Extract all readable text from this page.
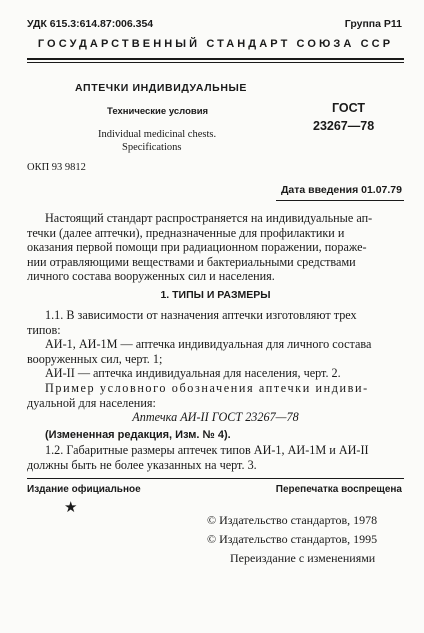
УДК 615.3:614.87:006.354	Группа Р11
ГОСУДАРСТВЕННЫЙ СТАНДАРТ СОЮЗА ССР
АПТЕЧКИ ИНДИВИДУАЛЬНЫЕ
Технические условия
Individual medicinal chests.
Specifications
ГОСТ
23267—78
ОКП 93 9812
Дата введения 01.07.79
Настоящий стандарт распространяется на индивидуальные ап-
течки (далее аптечки), предназначенные для профилактики и
оказания первой помощи при радиационном поражении, пораже-
нии отравляющими веществами и бактериальными средствами
личного состава вооруженных сил и населения.
1. ТИПЫ И РАЗМЕРЫ
1.1. В зависимости от назначения аптечки изготовляют трех
типов:
АИ-1, АИ-1М — аптечка индивидуальная для личного состава
вооруженных сил, черт. 1;
АИ-II — аптечка индивидуальная для населения, черт. 2.
Пример условного обозначения аптечки индиви-
дуальной для населения:
Аптечка АИ-II ГОСТ 23267—78
(Измененная редакция, Изм. № 4).
1.2. Габаритные размеры аптечек типов АИ-1, АИ-1М и АИ-II
должны быть не более указанных на черт. 3.
Издание официальное	Перепечатка воспрещена
★
© Издательство стандартов, 1978
© Издательство стандартов, 1995
Переиздание с изменениями
